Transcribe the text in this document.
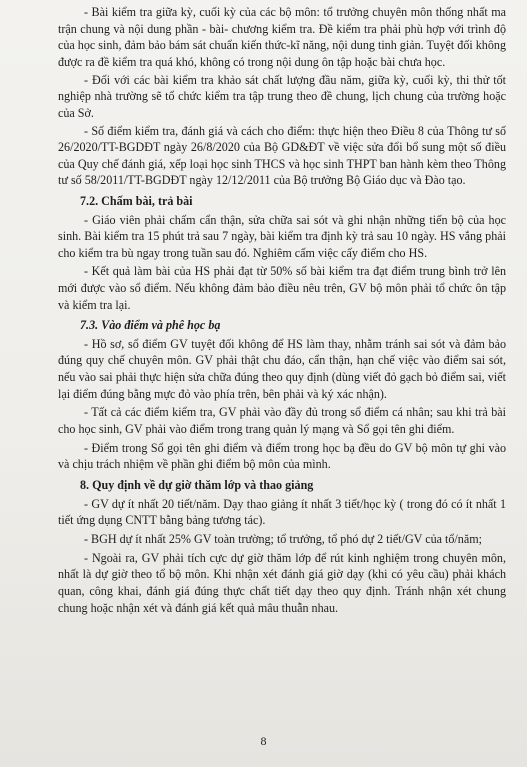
- Bài kiểm tra giữa kỳ, cuối kỳ của các bộ môn: tổ trưởng chuyên môn thống nhất ma trận chung và nội dung phần - bài- chương kiểm tra. Đề kiểm tra phải phù hợp với trình độ của học sinh, đảm bảo bám sát chuẩn kiến thức-kĩ năng, nội dung tinh giản. Tuyệt đối không được ra đề kiểm tra quá khó, không có trong nội dung ôn tập hoặc bài chưa học.

- Đối với các bài kiểm tra khảo sát chất lượng đầu năm, giữa kỳ, cuối kỳ, thi thử tốt nghiệp nhà trường sẽ tổ chức kiểm tra tập trung theo đề chung, lịch chung của trường hoặc của Sở.

- Số điểm kiểm tra, đánh giá và cách cho điểm: thực hiện theo Điều 8 của Thông tư số 26/2020/TT-BGDĐT ngày 26/8/2020 của Bộ GD&ĐT về việc sửa đổi bổ sung một số điều của Quy chế đánh giá, xếp loại học sinh THCS và học sinh THPT ban hành kèm theo Thông tư số 58/2011/TT-BGDĐT ngày 12/12/2011 của Bộ trưởng Bộ Giáo dục và Đào tạo.

7.2. Chấm bài, trả bài

- Giáo viên phải chấm cẩn thận, sửa chữa sai sót và ghi nhận những tiến bộ của học sinh. Bài kiểm tra 15 phút trả sau 7 ngày, bài kiểm tra định kỳ trả sau 10 ngày. HS vắng phải cho kiểm tra bù ngay trong tuần sau đó. Nghiêm cấm việc cấy điểm cho HS.

- Kết quả làm bài của HS phải đạt từ 50% số bài kiểm tra đạt điểm trung bình trở lên mới được vào sổ điểm. Nếu không đảm bảo điều nêu trên, GV bộ môn phải tổ chức ôn tập và kiểm tra lại.

7.3. Vào điểm và phê học bạ

- Hồ sơ, sổ điểm GV tuyệt đối không để HS làm thay, nhằm tránh sai sót và đảm bảo đúng quy chế chuyên môn. GV phải thật chu đáo, cẩn thận, hạn chế việc vào điểm sai sót, nếu vào sai phải thực hiện sửa chữa đúng theo quy định (dùng viết đỏ gạch bỏ điểm sai, viết lại điểm đúng bằng mực đỏ vào phía trên, bên phải và ký xác nhận).

- Tất cả các điểm kiểm tra, GV phải vào đầy đủ trong sổ điểm cá nhân; sau khi trả bài cho học sinh, GV phải vào điểm trong trang quản lý mạng và Sổ gọi tên ghi điểm.

- Điểm trong Sổ gọi tên ghi điểm và điểm trong học bạ đều do GV bộ môn tự ghi vào và chịu trách nhiệm về phần ghi điểm bộ môn của mình.

8. Quy định về dự giờ thăm lớp và thao giảng

- GV dự ít nhất 20 tiết/năm. Dạy thao giảng ít nhất 3 tiết/học kỳ ( trong đó có ít nhất 1 tiết ứng dụng CNTT bằng bảng tương tác).

- BGH dự ít nhất 25% GV toàn trường; tổ trưởng, tổ phó dự 2 tiết/GV của tổ/năm;

- Ngoài ra, GV phải tích cực dự giờ thăm lớp để rút kinh nghiệm trong chuyên môn, nhất là dự giờ theo tổ bộ môn. Khi nhận xét đánh giá giờ dạy (khi có yêu cầu) phải khách quan, công khai, đánh giá đúng thực chất tiết dạy theo quy định. Tránh nhận xét chung chung hoặc nhận xét và đánh giá kết quả mâu thuẫn nhau.

8
